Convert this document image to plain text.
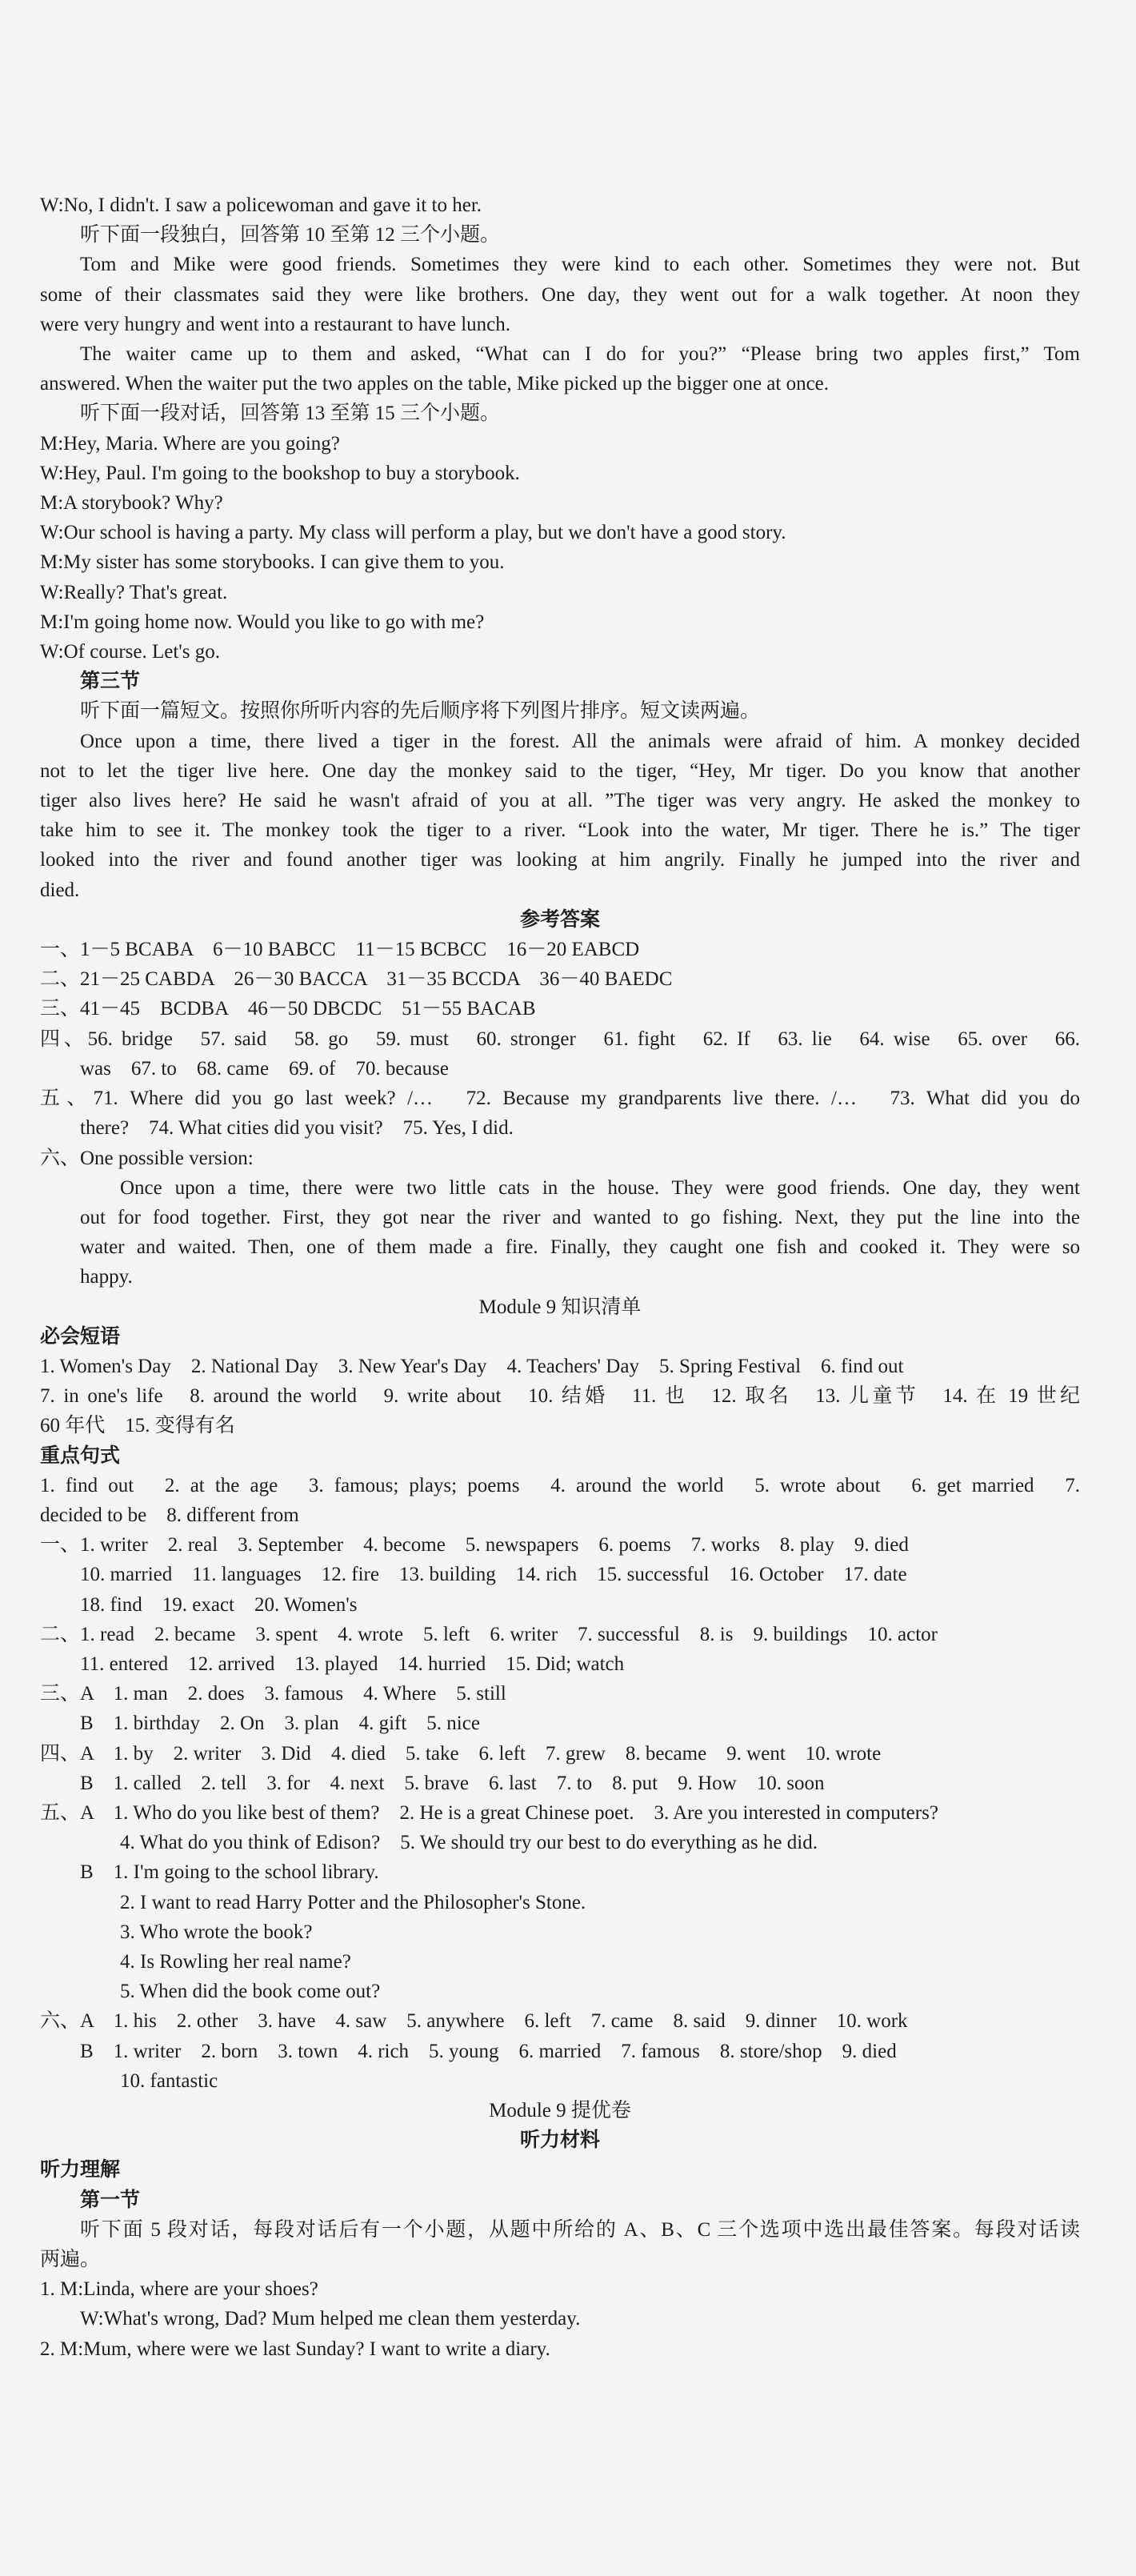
W:No, I didn't. I saw a policewoman and gave it to her.

听下面一段独白，回答第 10 至第 12 三个小题。

Tom and Mike were good friends. Sometimes they were kind to each other. Sometimes they were not. But

some of their classmates said they were like brothers. One day, they went out for a walk together. At noon they

were very hungry and went into a restaurant to have lunch.

The waiter came up to them and asked, “What can I do for you?” “Please bring two apples first,” Tom

answered. When the waiter put the two apples on the table, Mike picked up the bigger one at once.

听下面一段对话，回答第 13 至第 15 三个小题。

M:Hey, Maria. Where are you going?

W:Hey, Paul. I'm going to the bookshop to buy a storybook.

M:A storybook? Why?

W:Our school is having a party. My class will perform a play, but we don't have a good story.

M:My sister has some storybooks. I can give them to you.

W:Really? That's great.

M:I'm going home now. Would you like to go with me?

W:Of course. Let's go.

第三节

听下面一篇短文。按照你所听内容的先后顺序将下列图片排序。短文读两遍。

Once upon a time, there lived a tiger in the forest. All the animals were afraid of him. A monkey decided

not to let the tiger live here. One day the monkey said to the tiger, “Hey, Mr tiger. Do you know that another

tiger also lives here? He said he wasn't afraid of you at all. ”The tiger was very angry. He asked the monkey to

take him to see it. The monkey took the tiger to a river. “Look into the water, Mr tiger. There he is.” The tiger

looked into the river and found another tiger was looking at him angrily. Finally he jumped into the river and

died.

参考答案

一、1－5 BCABA　6－10 BABCC　11－15 BCBCC　16－20 EABCD

二、21－25 CABDA　26－30 BACCA　31－35 BCCDA　36－40 BAEDC

三、41－45　BCDBA　46－50 DBCDC　51－55 BACAB

四、56. bridge　57. said　58. go　59. must　60. stronger　61. fight　62. If　63. lie　64. wise　65. over　66.

was　67. to　68. came　69. of　70. because

五、71. Where did you go last week? /…　72. Because my grandparents live there. /…　73. What did you do

there?　74. What cities did you visit?　75. Yes, I did.

六、One possible version:

Once upon a time, there were two little cats in the house. They were good friends. One day, they went

out for food together. First, they got near the river and wanted to go fishing. Next, they put the line into the

water and waited. Then, one of them made a fire. Finally, they caught one fish and cooked it. They were so

happy.

Module 9 知识清单

必会短语

1. Women's Day　2. National Day　3. New Year's Day　4. Teachers' Day　5. Spring Festival　6. find out

7. in one's life　8. around the world　9. write about　10. 结婚　11. 也　12. 取名　13. 儿童节　14. 在 19 世纪

60 年代　15. 变得有名

重点句式

1. find out　2. at the age　3. famous; plays; poems　4. around the world　5. wrote about　6. get married　7.

decided to be　8. different from

一、1. writer　2. real　3. September　4. become　5. newspapers　6. poems　7. works　8. play　9. died

10. married　11. languages　12. fire　13. building　14. rich　15. successful　16. October　17. date

18. find　19. exact　20. Women's

二、1. read　2. became　3. spent　4. wrote　5. left　6. writer　7. successful　8. is　9. buildings　10. actor

11. entered　12. arrived　13. played　14. hurried　15. Did; watch

三、A　1. man　2. does　3. famous　4. Where　5. still

B　1. birthday　2. On　3. plan　4. gift　5. nice

四、A　1. by　2. writer　3. Did　4. died　5. take　6. left　7. grew　8. became　9. went　10. wrote

B　1. called　2. tell　3. for　4. next　5. brave　6. last　7. to　8. put　9. How　10. soon

五、A　1. Who do you like best of them?　2. He is a great Chinese poet.　3. Are you interested in computers?

4. What do you think of Edison?　5. We should try our best to do everything as he did.

B　1. I'm going to the school library.

2. I want to read Harry Potter and the Philosopher's Stone.

3. Who wrote the book?

4. Is Rowling her real name?

5. When did the book come out?

六、A　1. his　2. other　3. have　4. saw　5. anywhere　6. left　7. came　8. said　9. dinner　10. work

B　1. writer　2. born　3. town　4. rich　5. young　6. married　7. famous　8. store/shop　9. died

10. fantastic

Module 9 提优卷

听力材料

听力理解

第一节

听下面 5 段对话，每段对话后有一个小题，从题中所给的 A、B、C 三个选项中选出最佳答案。每段对话读

两遍。

1. M:Linda, where are your shoes?

W:What's wrong, Dad? Mum helped me clean them yesterday.

2. M:Mum, where were we last Sunday? I want to write a diary.
